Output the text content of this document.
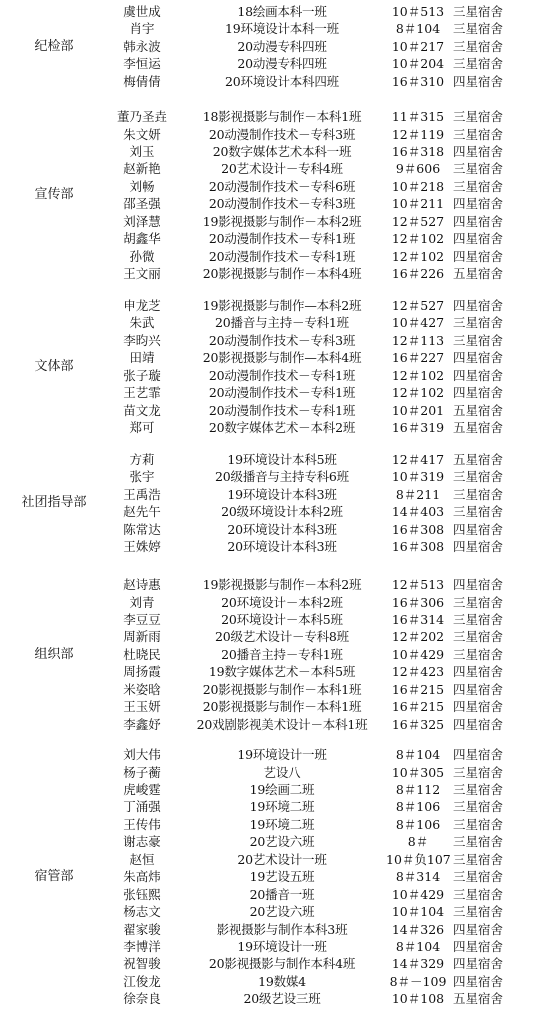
纪检部
虞世成	18绘画本科一班	10＃513 三星宿舍
肖宇	19环境设计本科一班	8＃104	三星宿舍
韩永波	20动漫专科四班	10＃217 三星宿舍
李恒运	20动漫专科四班	10＃204 三星宿舍
梅倩倩	20环境设计本科四班	16＃310 四星宿舍
宣传部
董乃圣垚	18影视摄影与制作－本科1班	11＃315 三星宿舍
朱文妍	20动漫制作技术－专科3班	12＃119 三星宿舍
刘玉	20数字媒体艺术本科一班	16＃318 四星宿舍
赵新艳	20艺术设计－专科4班	9＃606	三星宿舍
刘畅	20动漫制作技术－专科6班	10＃218 三星宿舍
邵圣强	20动漫制作技术－专科3班	10＃211 四星宿舍
刘泽慧	19影视摄影与制作－本科2班	12＃527 四星宿舍
胡鑫华	20动漫制作技术－专科1班	12＃102 四星宿舍
孙微	20动漫制作技术－专科1班	12＃102 四星宿舍
王文丽	20影视摄影与制作－本科4班	16＃226 五星宿舍
文体部
申龙芝	19影视摄影与制作—本科2班	12＃527 四星宿舍
朱武	20播音与主持－专科1班	10＃427 三星宿舍
李昀兴	20动漫制作技术－专科3班	12＃113 三星宿舍
田靖	20影视摄影与制作—本科4班	16＃227 四星宿舍
张子璇	20动漫制作技术－专科1班	12＃102 四星宿舍
王艺霏	20动漫制作技术－专科1班	12＃102 四星宿舍
苗文龙	20动漫制作技术－专科1班	10＃201 五星宿舍
郑可	20数字媒体艺术－本科2班	16＃319 五星宿舍
社团指导部
方莉	19环境设计本科5班	12＃417 五星宿舍
张宇	20级播音与主持专科6班	10＃319 三星宿舍
王禹浩	19环境设计本科3班	8＃211	三星宿舍
赵先午	20级环境设计本科2班	14＃403 三星宿舍
陈常达	20环境设计本科3班	16＃308 四星宿舍
王姝婷	20环境设计本科3班	16＃308 四星宿舍
组织部
赵诗惠	19影视摄影与制作－本科2班	12＃513 四星宿舍
刘青	20环境设计－本科2班	16＃306 三星宿舍
李豆豆	20环境设计－本科5班	16＃314 三星宿舍
周新雨	20级艺术设计－专科8班	12＃202 三星宿舍
杜晓民	20播音主持－专科1班	10＃429 三星宿舍
周扬霞	19数字媒体艺术－本科5班	12＃423 四星宿舍
米姿晗	20影视摄影与制作－本科1班	16＃215 四星宿舍
王玉妍	20影视摄影与制作－本科1班	16＃215 四星宿舍
李鑫妤	20戏剧影视美术设计－本科1班	16＃325 四星宿舍
宿管部
刘大伟	19环境设计一班	8＃104	四星宿舍
杨子蘅	艺设八	10＃305 三星宿舍
虎峻霆	19绘画二班	8＃112	三星宿舍
丁涌强	19环境二班	8＃106	三星宿舍
王传伟	19环境二班	8＃106	三星宿舍
谢志豪	20艺设六班	8＃	三星宿舍
赵恒	20艺术设计一班	10＃负107 三星宿舍
朱高炜	19艺设五班	8＃314	三星宿舍
张钰熙	20播音一班	10＃429 三星宿舍
杨志文	20艺设六班	10＃104 三星宿舍
翟家骏	影视摄影与制作本科3班	14＃326 四星宿舍
李博洋	19环境设计一班	8＃104	四星宿舍
祝智骏	20影视摄影与制作本科4班	14＃329 四星宿舍
江俊龙	19数媒4	8＃－109 四星宿舍
徐奈良	20级艺设三班	10＃108 五星宿舍
